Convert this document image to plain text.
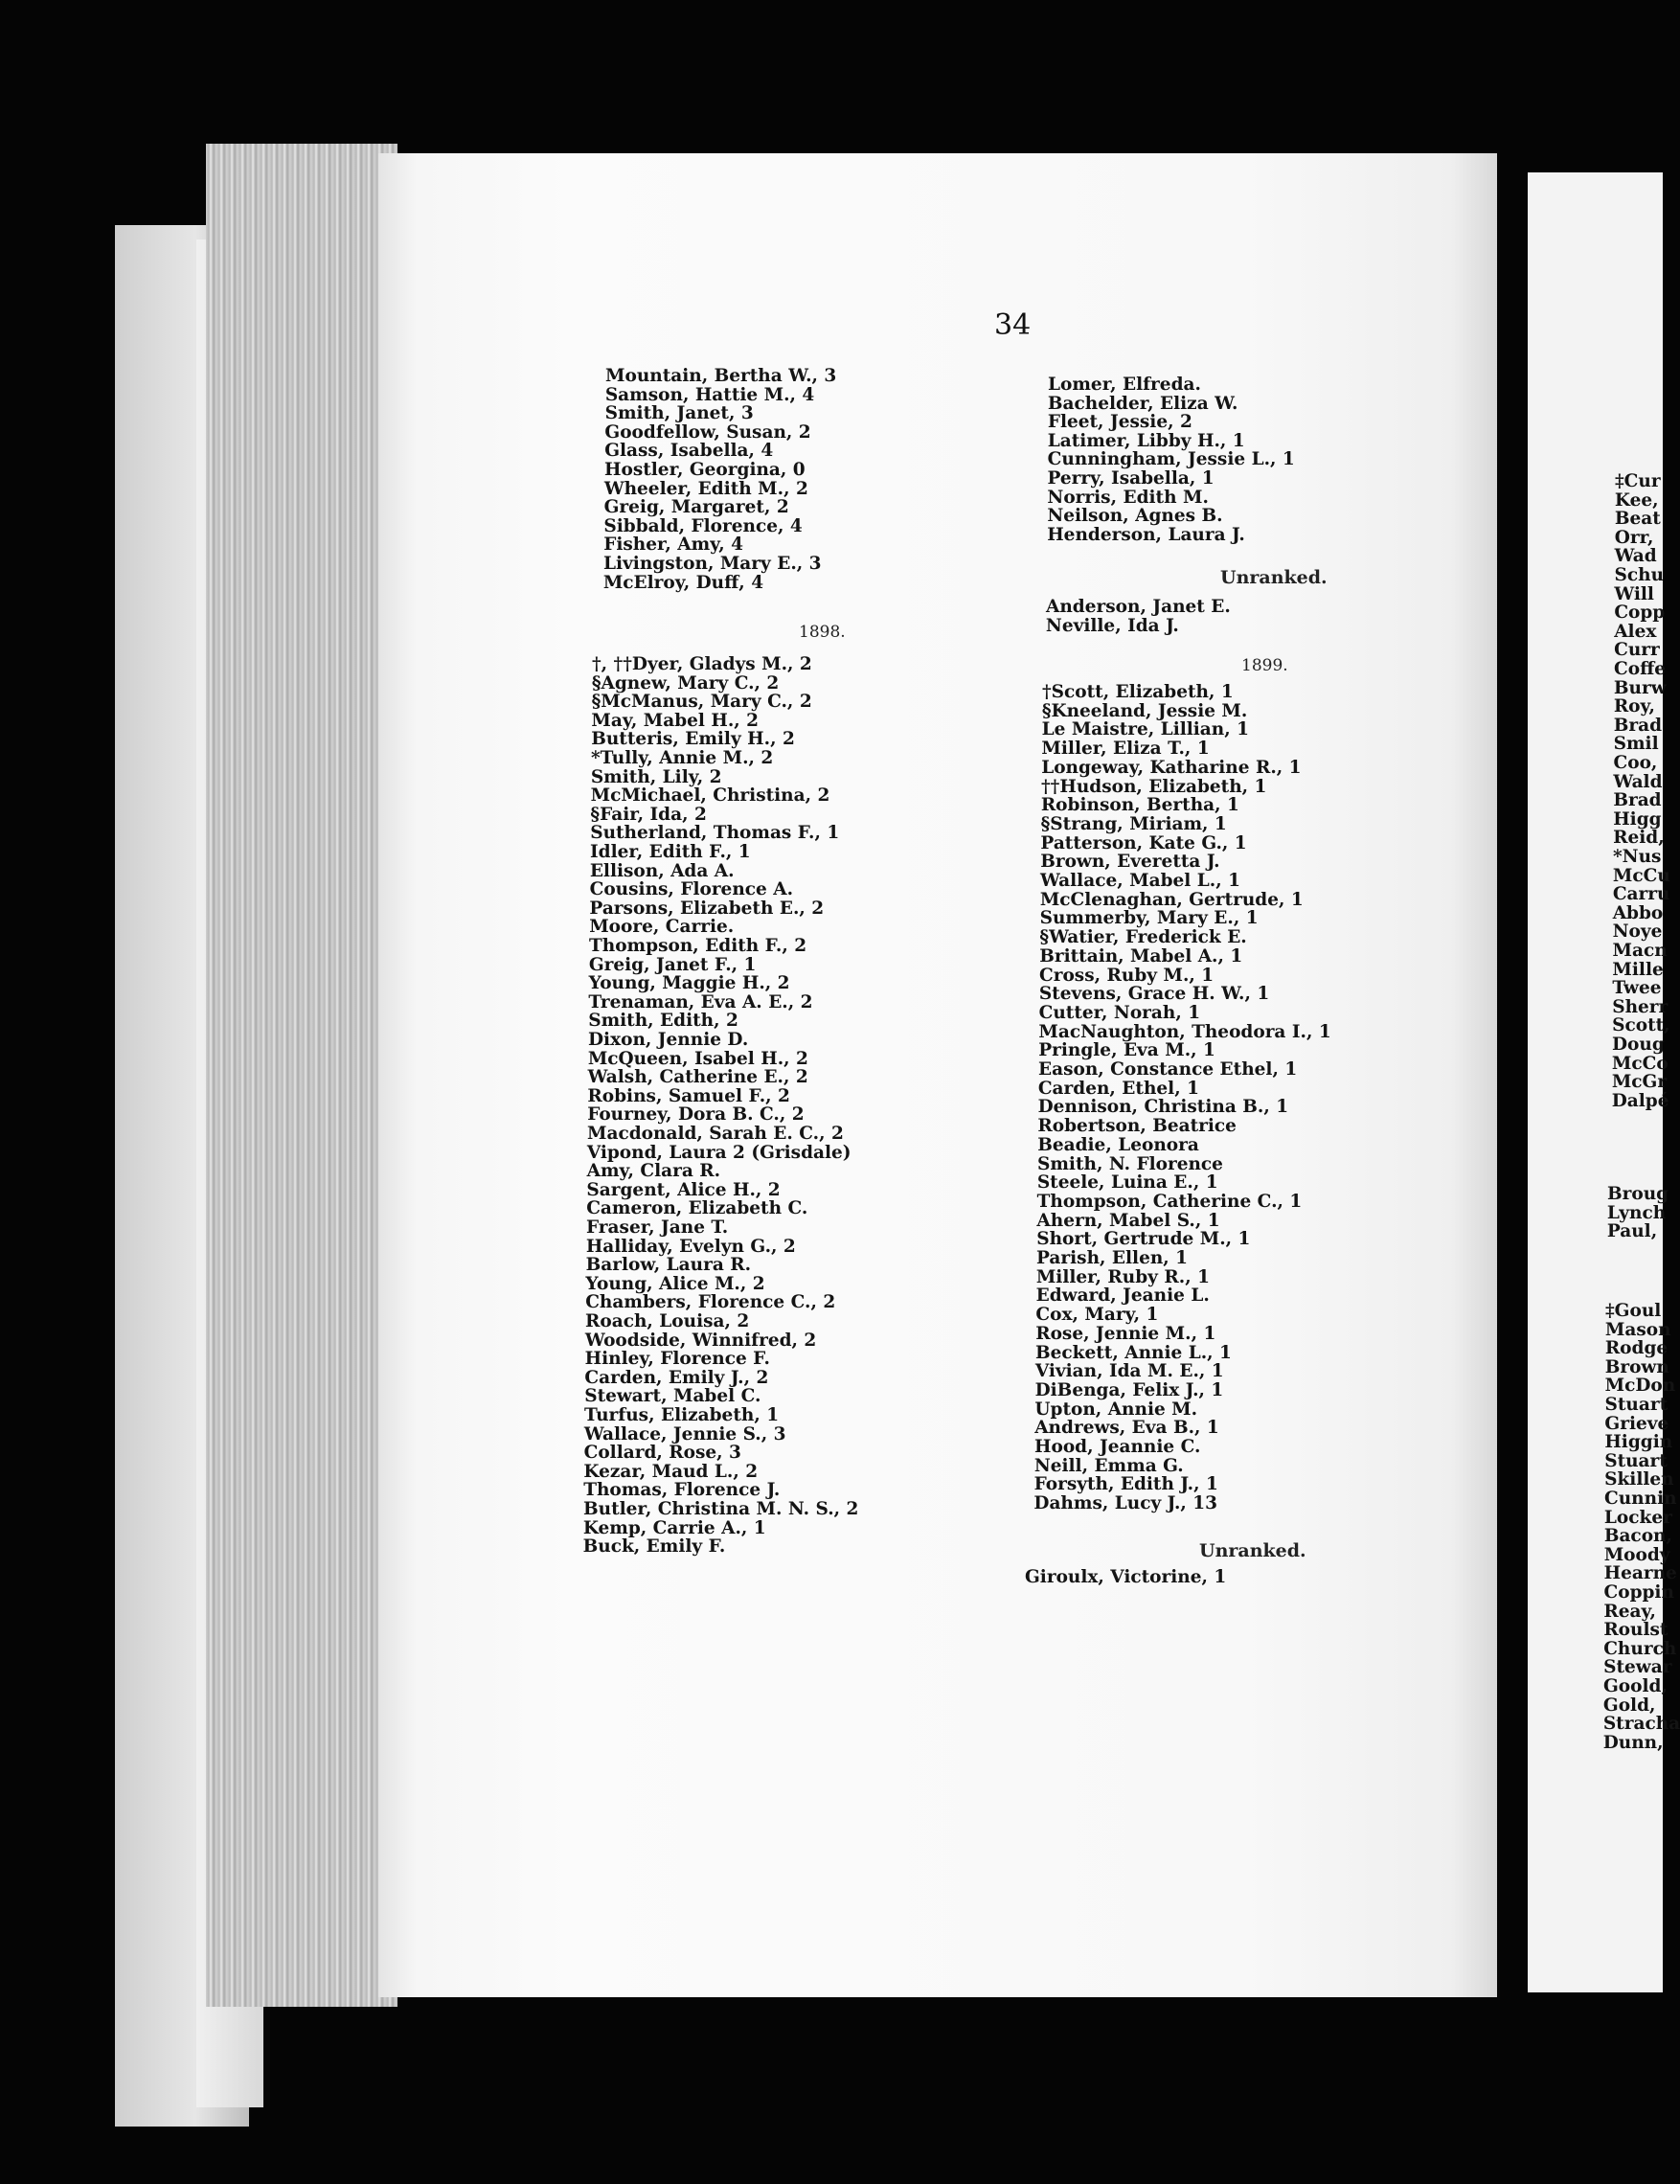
34
Mountain, Bertha W., 3
Samson, Hattie M., 4
Smith, Janet, 3
Goodfellow, Susan, 2
Glass, Isabella, 4
Hostler, Georgina, 0
Wheeler, Edith M., 2
Greig, Margaret, 2
Sibbald, Florence, 4
Fisher, Amy, 4
Livingston, Mary E., 3
McElroy, Duff, 4
1898.
†, ††Dyer, Gladys M., 2
§Agnew, Mary C., 2
§McManus, Mary C., 2
May, Mabel H., 2
Butteris, Emily H., 2
*Tully, Annie M., 2
Smith, Lily, 2
McMichael, Christina, 2
§Fair, Ida, 2
Sutherland, Thomas F., 1
Idler, Edith F., 1
Ellison, Ada A.
Cousins, Florence A.
Parsons, Elizabeth E., 2
Moore, Carrie.
Thompson, Edith F., 2
Greig, Janet F., 1
Young, Maggie H., 2
Trenaman, Eva A. E., 2
Smith, Edith, 2
Dixon, Jennie D.
McQueen, Isabel H., 2
Walsh, Catherine E., 2
Robins, Samuel F., 2
Fourney, Dora B. C., 2
Macdonald, Sarah E. C., 2
Vipond, Laura 2 (Grisdale)
Amy, Clara R.
Sargent, Alice H., 2
Cameron, Elizabeth C.
Fraser, Jane T.
Halliday, Evelyn G., 2
Barlow, Laura R.
Young, Alice M., 2
Chambers, Florence C., 2
Roach, Louisa, 2
Woodside, Winnifred, 2
Hinley, Florence F.
Carden, Emily J., 2
Stewart, Mabel C.
Turfus, Elizabeth, 1
Wallace, Jennie S., 3
Collard, Rose, 3
Kezar, Maud L., 2
Thomas, Florence J.
Butler, Christina M. N. S., 2
Kemp, Carrie A., 1
Buck, Emily F.
Lomer, Elfreda.
Bachelder, Eliza W.
Fleet, Jessie, 2
Latimer, Libby H., 1
Cunningham, Jessie L., 1
Perry, Isabella, 1
Norris, Edith M.
Neilson, Agnes B.
Henderson, Laura J.
Unranked.
Anderson, Janet E.
Neville, Ida J.
1899.
†Scott, Elizabeth, 1
§Kneeland, Jessie M.
Le Maistre, Lillian, 1
Miller, Eliza T., 1
Longeway, Katharine R., 1
††Hudson, Elizabeth, 1
Robinson, Bertha, 1
§Strang, Miriam, 1
Patterson, Kate G., 1
Brown, Everetta J.
Wallace, Mabel L., 1
McClenaghan, Gertrude, 1
Summerby, Mary E., 1
§Watier, Frederick E.
Brittain, Mabel A., 1
Cross, Ruby M., 1
Stevens, Grace H. W., 1
Cutter, Norah, 1
MacNaughton, Theodora I., 1
Pringle, Eva M., 1
Eason, Constance Ethel, 1
Carden, Ethel, 1
Dennison, Christina B., 1
Robertson, Beatrice
Beadie, Leonora
Smith, N. Florence
Steele, Luina E., 1
Thompson, Catherine C., 1
Ahern, Mabel S., 1
Short, Gertrude M., 1
Parish, Ellen, 1
Miller, Ruby R., 1
Edward, Jeanie L.
Cox, Mary, 1
Rose, Jennie M., 1
Beckett, Annie L., 1
Vivian, Ida M. E., 1
DiBenga, Felix J., 1
Upton, Annie M.
Andrews, Eva B., 1
Hood, Jeannie C.
Neill, Emma G.
Forsyth, Edith J., 1
Dahms, Lucy J., 13
Unranked.
Giroulx, Victorine, 1
‡Cur
Kee,
Beat
Orr,
Wad
Schu
Will
Copp
Alex
Curr
Coffe
Burw
Roy,
Brad
Smil
Coo,
Wald
Brad
Higg
Reid,
*Nus
McCu
Carru
Abbo
Noye
Macn
Mille
Twee
Sherr
Scott,
Doug
McCo
McGr
Dalpé
Broug
Lynch
Paul,
‡Goul
Mason
Rodge
Brown
McDon
Stuart
Grieve
Higgin
Stuart
Skillen
Cunnin
Locker
Bacon,
Moody
Hearne
Coppin
Reay,
Roulst
Church
Stewar
Goold,
Gold,
Stracha
Dunn,
